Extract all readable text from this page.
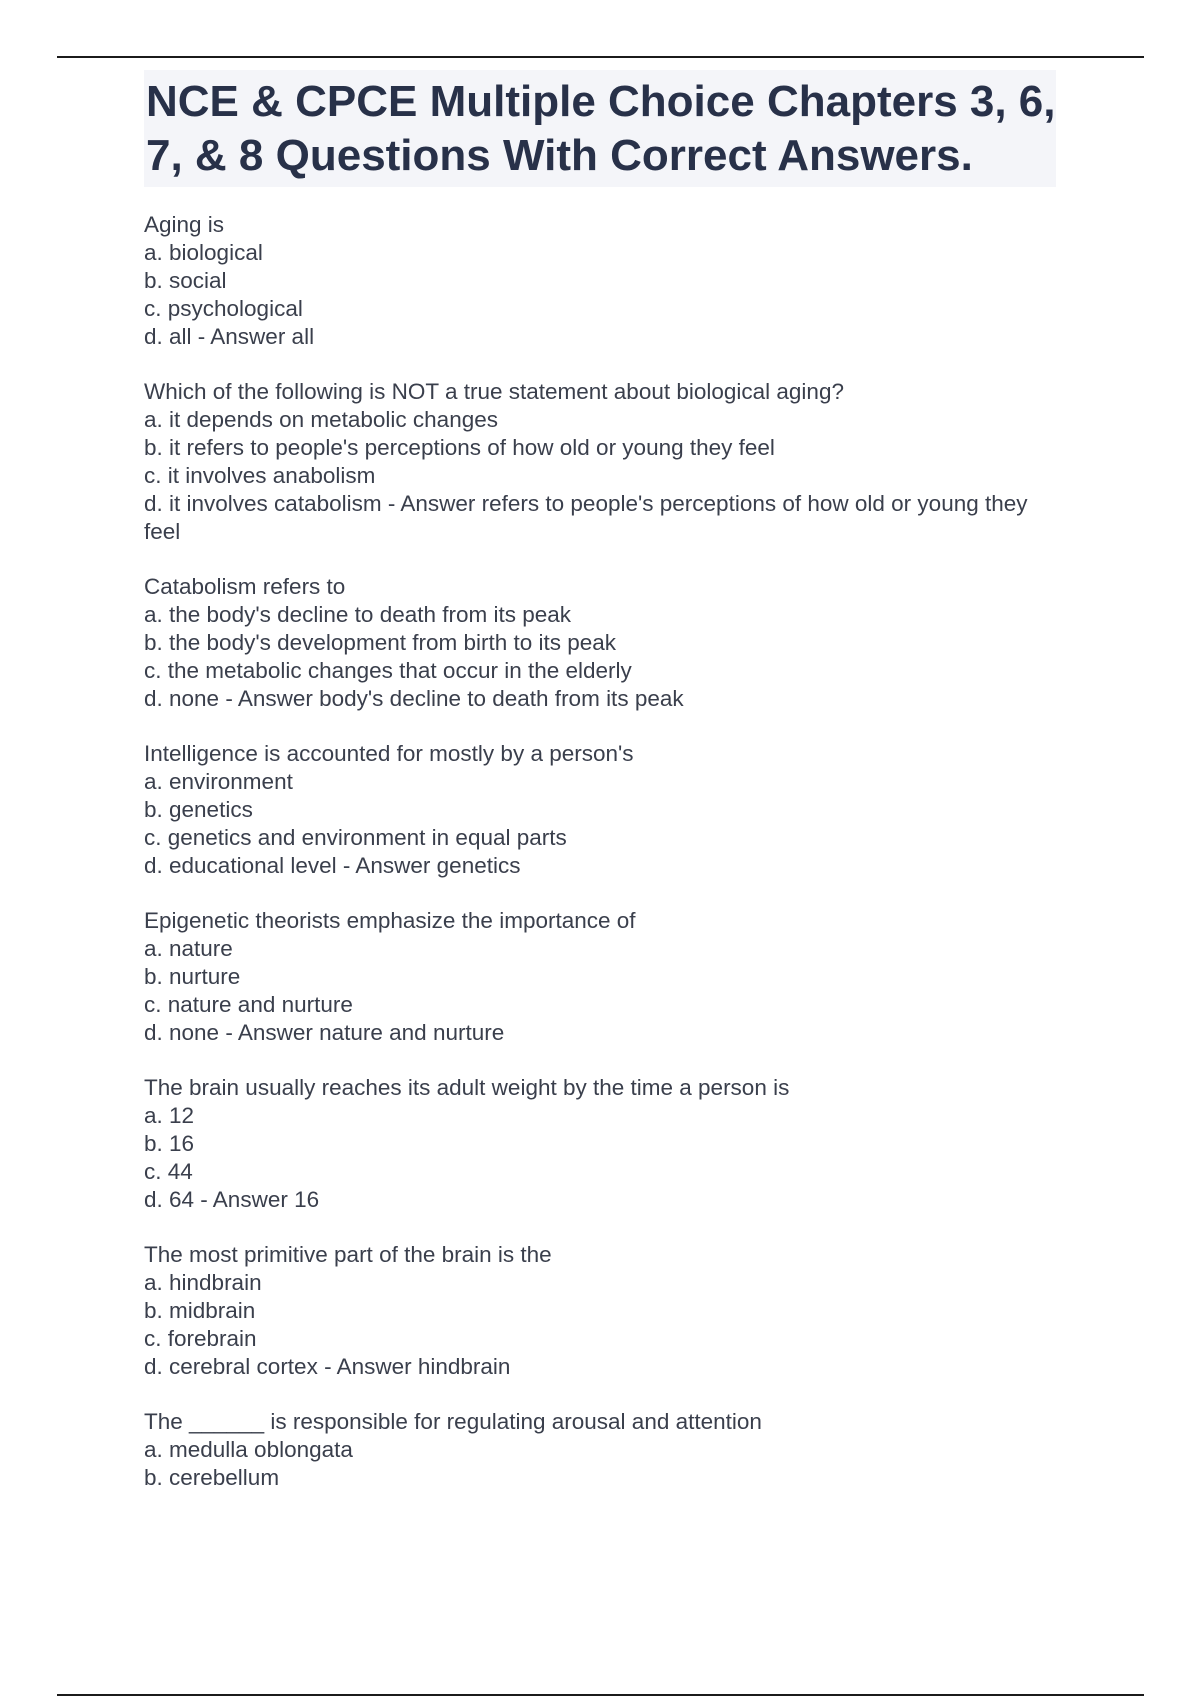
NCE & CPCE Multiple Choice Chapters 3, 6, 7, & 8 Questions With Correct Answers.
Aging is
a. biological
b. social
c. psychological
d. all - Answer all
Which of the following is NOT a true statement about biological aging?
a. it depends on metabolic changes
b. it refers to people's perceptions of how old or young they feel
c. it involves anabolism
d. it involves catabolism - Answer refers to people's perceptions of how old or young they feel
Catabolism refers to
a. the body's decline to death from its peak
b. the body's development from birth to its peak
c. the metabolic changes that occur in the elderly
d. none - Answer body's decline to death from its peak
Intelligence is accounted for mostly by a person's
a. environment
b. genetics
c. genetics and environment in equal parts
d. educational level - Answer genetics
Epigenetic theorists emphasize the importance of
a. nature
b. nurture
c. nature and nurture
d. none - Answer nature and nurture
The brain usually reaches its adult weight by the time a person is
a. 12
b. 16
c. 44
d. 64 - Answer 16
The most primitive part of the brain is the
a. hindbrain
b. midbrain
c. forebrain
d. cerebral cortex - Answer hindbrain
The ______ is responsible for regulating arousal and attention
a. medulla oblongata
b. cerebellum
